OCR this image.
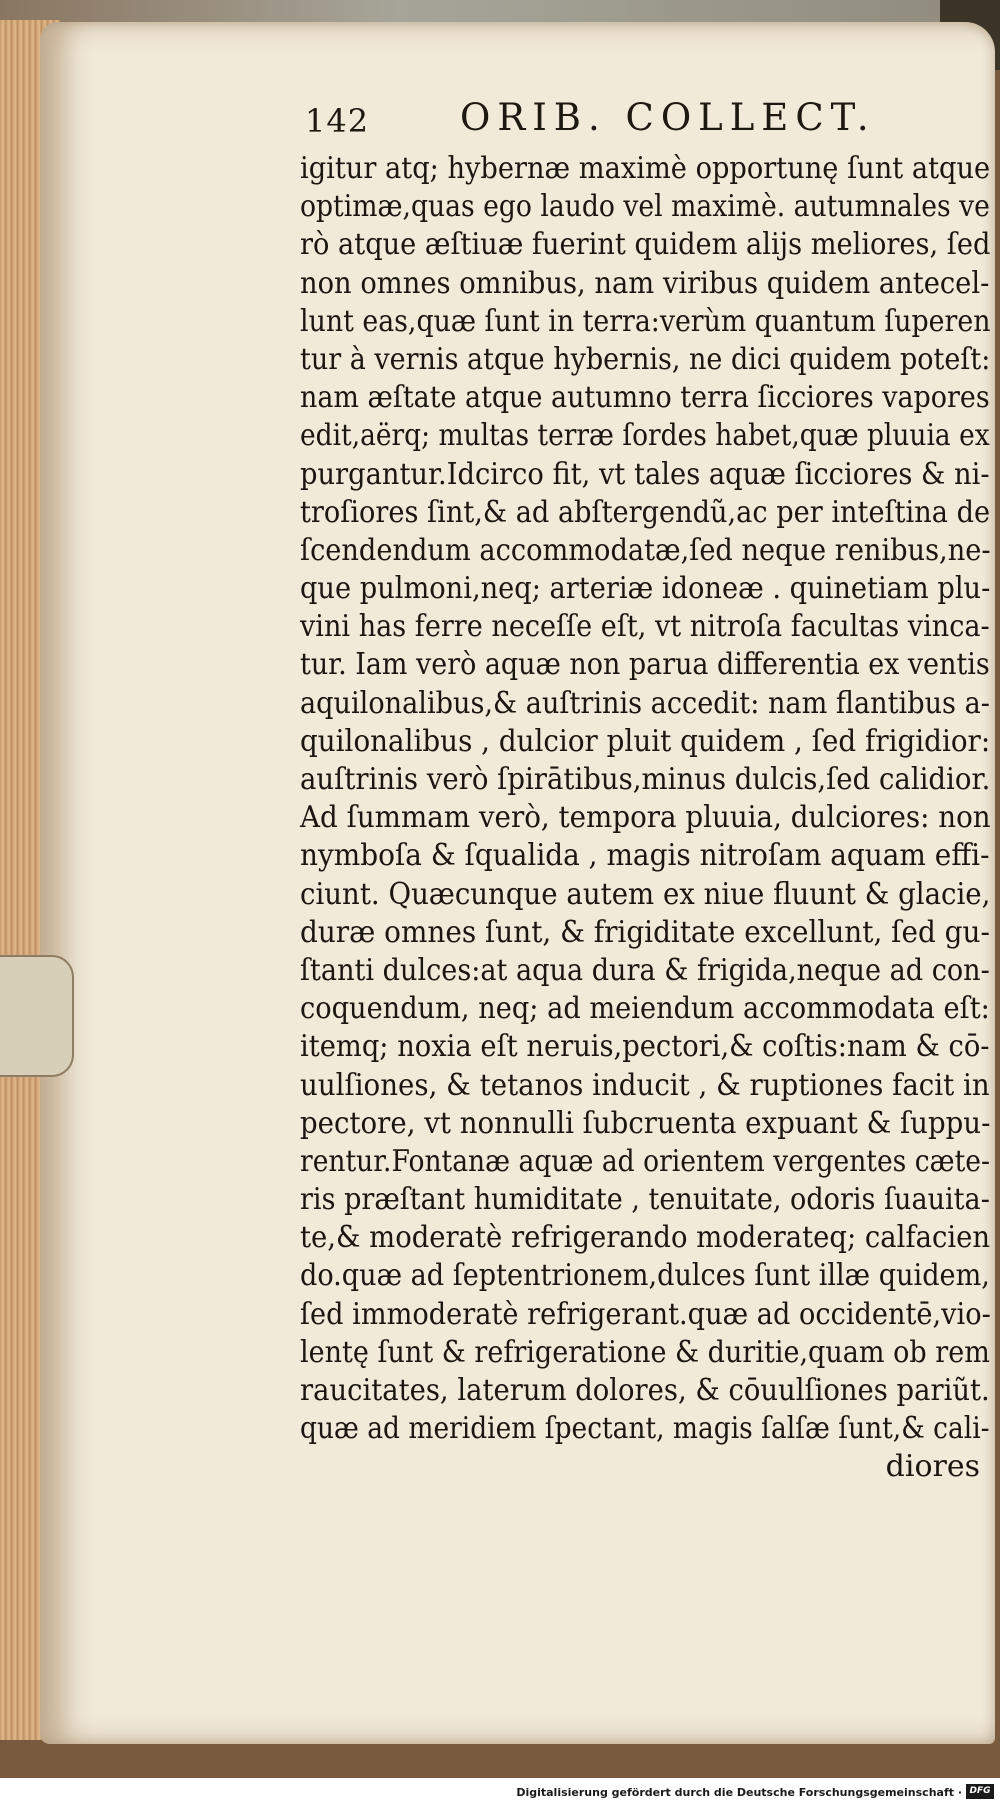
142 ORIB. COLLECT.
igitur atq; hybernæ maximè opportunę ſunt atque
optimæ,quas ego laudo vel maximè. autumnales ve
rò atque æſtiuæ fuerint quidem alijs meliores, ſed
non omnes omnibus, nam viribus quidem antecel-
lunt eas,quæ ſunt in terra:verùm quantum ſuperen
tur à vernis atque hybernis, ne dici quidem poteſt:
nam æſtate atque autumno terra ſicciores vapores
edit,aërq; multas terræ ſordes habet,quæ pluuia ex
purgantur.Idcirco fit, vt tales aquæ ſicciores & ni-
troſiores ſint,& ad abſtergendũ,ac per inteſtina de
ſcendendum accommodatæ,ſed neque renibus,ne-
que pulmoni,neq; arteriæ idoneæ . quinetiam plu-
vini has ferre neceſſe eſt, vt nitroſa facultas vinca-
tur. Iam verò aquæ non parua differentia ex ventis
aquilonalibus,& auſtrinis accedit: nam flantibus a-
quilonalibus , dulcior pluit quidem , ſed frigidior:
auſtrinis verò ſpirātibus,minus dulcis,ſed calidior.
Ad ſummam verò, tempora pluuia, dulciores: non
nymboſa & ſqualida , magis nitroſam aquam effi-
ciunt. Quæcunque autem ex niue fluunt & glacie,
duræ omnes ſunt, & frigiditate excellunt, ſed gu-
ſtanti dulces:at aqua dura & frigida,neque ad con-
coquendum, neq; ad meiendum accommodata eſt:
itemq; noxia eſt neruis,pectori,& coſtis:nam & cō-
uulſiones, & tetanos inducit , & ruptiones facit in
pectore, vt nonnulli ſubcruenta expuant & ſuppu-
rentur.Fontanæ aquæ ad orientem vergentes cæte-
ris præſtant humiditate , tenuitate, odoris ſuauita-
te,& moderatè refrigerando moderateq; calfacien
do.quæ ad ſeptentrionem,dulces ſunt illæ quidem,
ſed immoderatè refrigerant.quæ ad occidentē,vio-
lentę ſunt & refrigeratione & duritie,quam ob rem
raucitates, laterum dolores, & cōuulſiones pariũt.
quæ ad meridiem ſpectant, magis ſalſæ ſunt,& cali-
diores
Digitalisierung gefördert durch die Deutsche Forschungsgemeinschaft · DFG
